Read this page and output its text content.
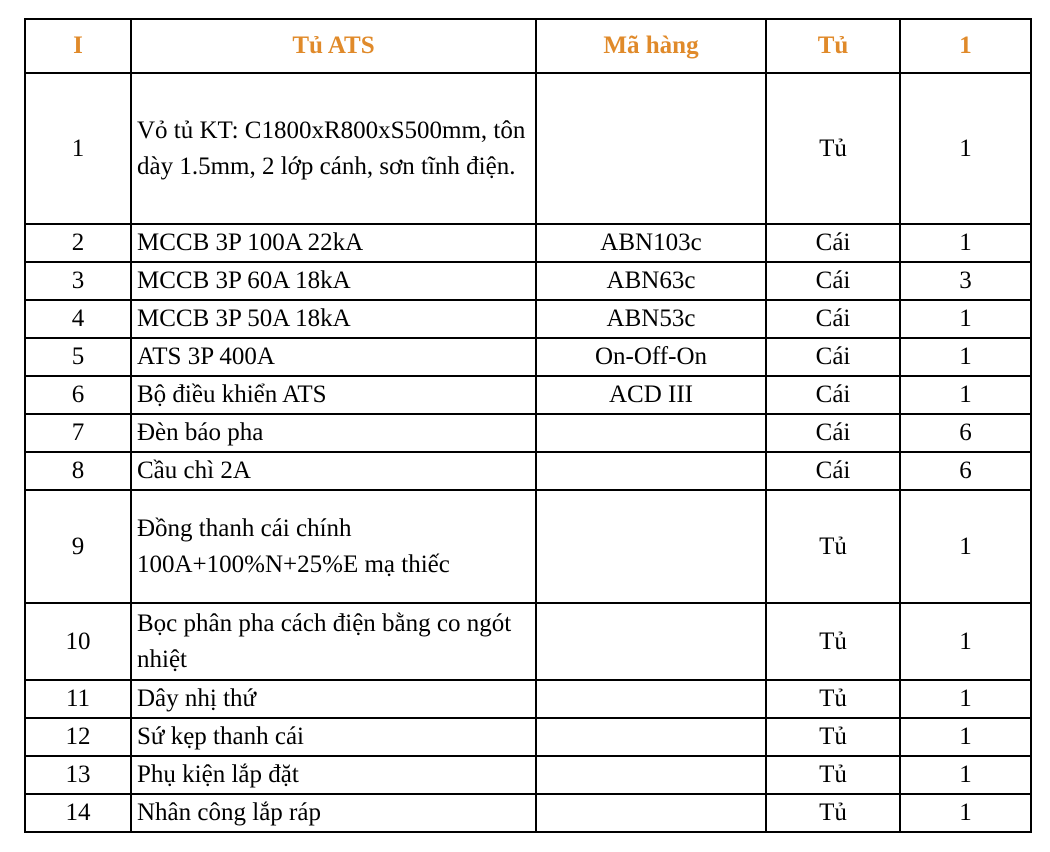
I	Tủ ATS	Mã hàng	Tủ	1
1	Vỏ tủ KT: C1800xR800xS500mm, tôn dày 1.5mm, 2 lớp cánh, sơn tĩnh điện.		Tủ	1
2	MCCB 3P 100A 22kA	ABN103c	Cái	1
3	MCCB 3P 60A 18kA	ABN63c	Cái	3
4	MCCB 3P 50A 18kA	ABN53c	Cái	1
5	ATS 3P 400A	On-Off-On	Cái	1
6	Bộ điều khiển ATS	ACD III	Cái	1
7	Đèn báo pha		Cái	6
8	Cầu chì 2A		Cái	6
9	Đồng thanh cái chính 100A+100%N+25%E mạ thiếc		Tủ	1
10	Bọc phân pha cách điện bằng co ngót nhiệt		Tủ	1
11	Dây nhị thứ		Tủ	1
12	Sứ kẹp thanh cái		Tủ	1
13	Phụ kiện lắp đặt		Tủ	1
14	Nhân công lắp ráp		Tủ	1
